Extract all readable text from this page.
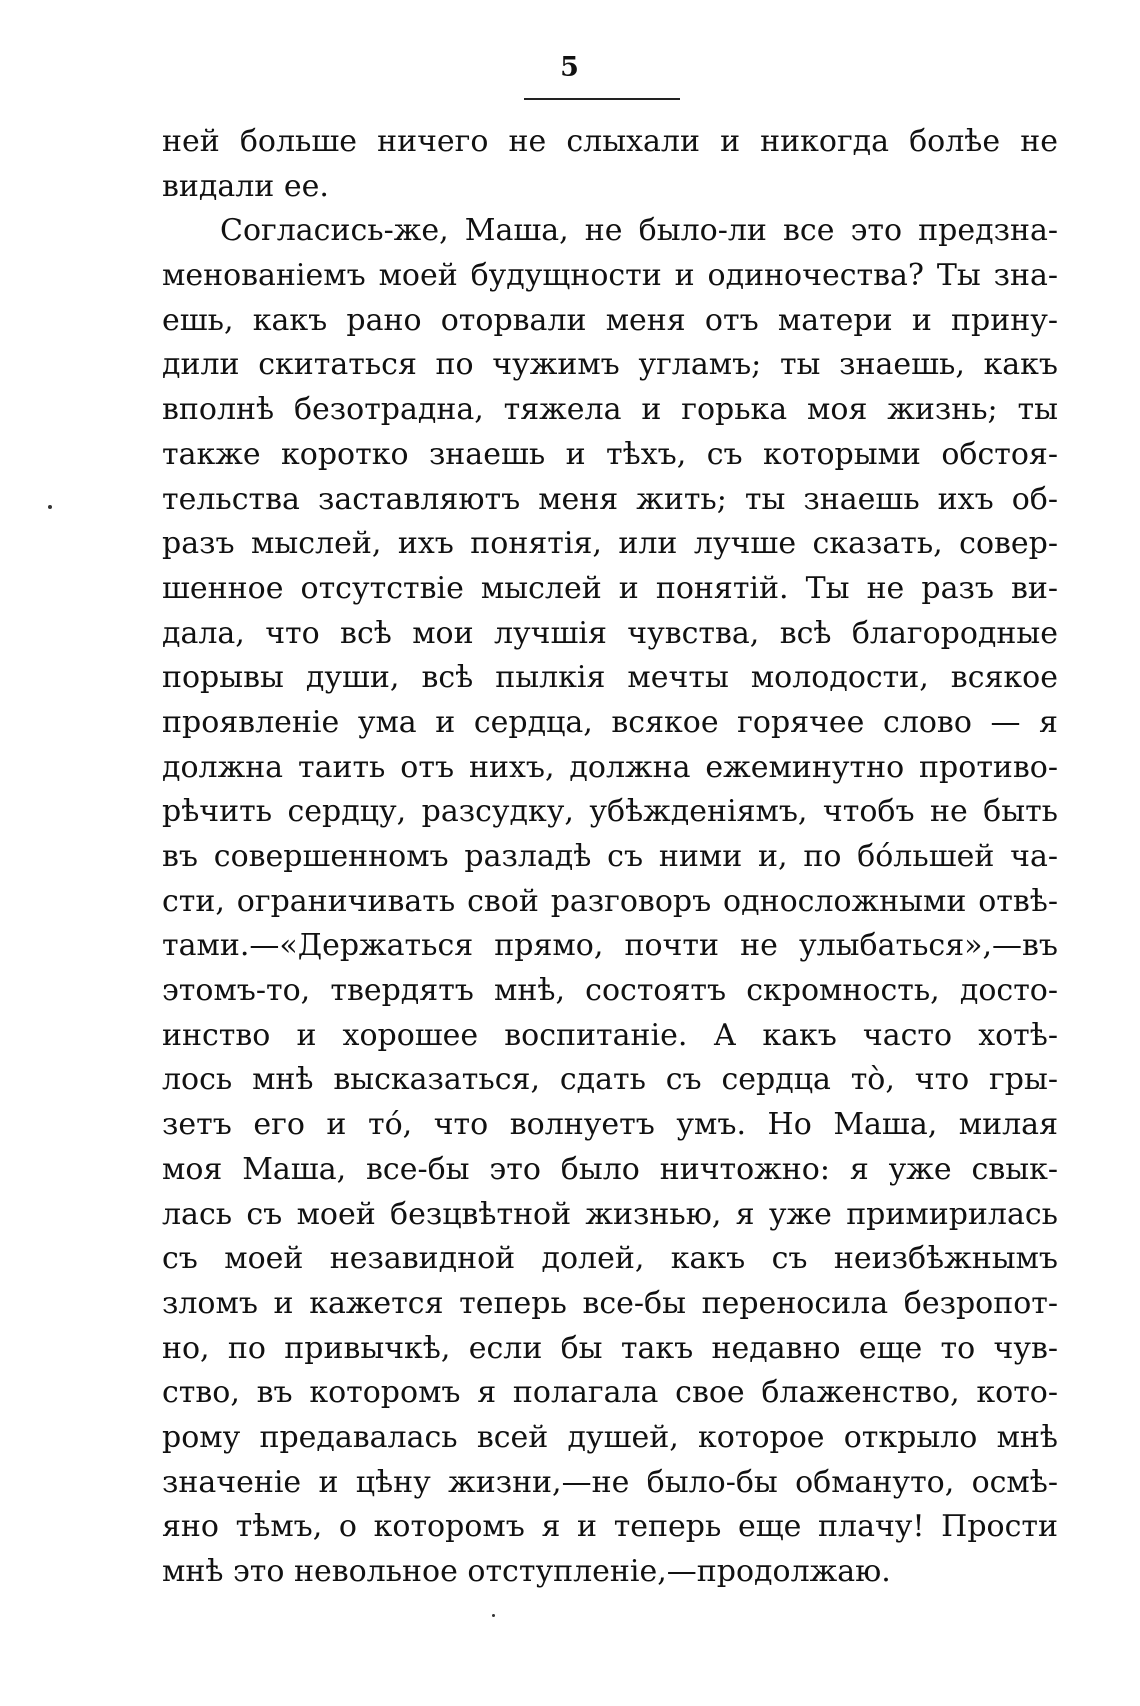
5
ней больше ничего не слыхали и никогда болѣе не
видали ее.
Согласись-же, Маша, не было-ли все это предзна-
менованіемъ моей будущности и одиночества? Ты зна-
ешь, какъ рано оторвали меня отъ матери и прину-
дили скитаться по чужимъ угламъ; ты знаешь, какъ
вполнѣ безотрадна, тяжела и горька моя жизнь; ты
также коротко знаешь и тѣхъ, съ которыми обстоя-
тельства заставляютъ меня жить; ты знаешь ихъ об-
разъ мыслей, ихъ понятія, или лучше сказать, совер-
шенное отсутствіе мыслей и понятій. Ты не разъ ви-
дала, что всѣ мои лучшія чувства, всѣ благородные
порывы души, всѣ пылкія мечты молодости, всякое
проявленіе ума и сердца, всякое горячее слово — я
должна таить отъ нихъ, должна ежеминутно противо-
рѣчить сердцу, разсудку, убѣжденіямъ, чтобъ не быть
въ совершенномъ разладѣ съ ними и, по бо́льшей ча-
сти, ограничивать свой разговоръ односложными отвѣ-
тами.—«Держаться прямо, почти не улыбаться»,—въ
этомъ-то, твердятъ мнѣ, состоятъ скромность, досто-
инство и хорошее воспитаніе. А какъ часто хотѣ-
лось мнѣ высказаться, сдать съ сердца то̀, что гры-
зетъ его и то́, что волнуетъ умъ. Но Маша, милая
моя Маша, все-бы это было ничтожно: я уже свык-
лась съ моей безцвѣтной жизнью, я уже примирилась
съ моей незавидной долей, какъ съ неизбѣжнымъ
зломъ и кажется теперь все-бы переносила безропот-
но, по привычкѣ, если бы такъ недавно еще то чув-
ство, въ которомъ я полагала свое блаженство, кото-
рому предавалась всей душей, которое открыло мнѣ
значеніе и цѣну жизни,—не было-бы обмануто, осмѣ-
яно тѣмъ, о которомъ я и теперь еще плачу! Прости
мнѣ это невольное отступленіе,—продолжаю.
